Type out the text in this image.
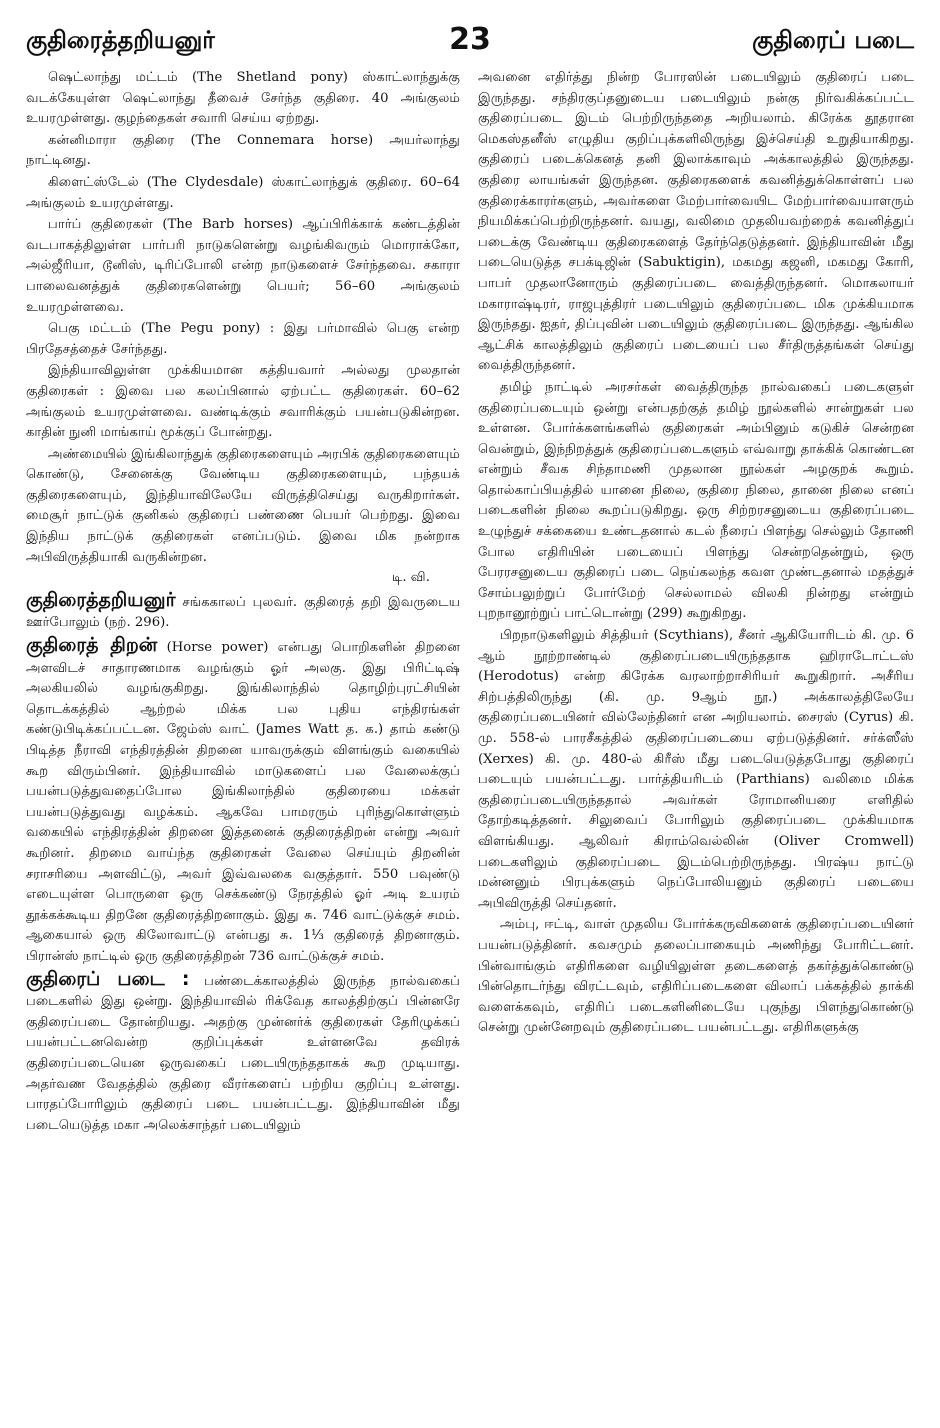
குதிரைத்தறியனுர்	23	குதிரைப் படை

ஷெட்லாந்து மட்டம் (The Shetland pony) ஸ்காட்லாந்துக்கு வடக்கேயுள்ள ஷெட்லாந்து தீவைச் சேர்ந்த குதிரை. 40 அங்குலம் உயரமுள்ளது. குழந்தைகள் சவாரி செய்ய ஏற்றது.

கன்னிமாரா குதிரை (The Connemara horse) அயர்லாந்து நாட்டினது.

கிளைட்ஸ்டேல் (The Clydesdale) ஸ்காட்லாந்துக் குதிரை. 60–64 அங்குலம் உயரமுள்ளது.

பார்ப் குதிரைகள் (The Barb horses) ஆப்பிரிக்காக் கண்டத்தின் வடபாகத்திலுள்ள பார்பரி நாடுகளென்று வழங்கிவரும் மொராக்கோ, அல்ஜீரியா, டூனிஸ், டிரிப்போலி என்ற நாடுகளைச் சேர்ந்தவை. சகாரா பாலைவனத்துக் குதிரைகளென்று பெயர்; 56–60 அங்குலம் உயரமுள்ளவை.

பெகு மட்டம் (The Pegu pony) : இது பர்மாவில் பெகு என்ற பிரதேசத்தைச் சேர்ந்தது.

இந்தியாவிலுள்ள முக்கியமான கத்தியவார் அல்லது முலதான் குதிரைகள் : இவை பல கலப்பினால் ஏற்பட்ட குதிரைகள். 60–62 அங்குலம் உயரமுள்ளவை. வண்டிக்கும் சவாரிக்கும் பயன்படுகின்றன. காதின் நுனி மாங்காய் மூக்குப் போன்றது.

அண்மையில் இங்கிலாந்துக் குதிரைகளையும் அரபிக் குதிரைகளையும் கொண்டு, சேனைக்கு வேண்டிய குதிரைகளையும், பந்தயக் குதிரைகளையும், இந்தியாவிலேயே விருத்திசெய்து வருகிறார்கள். மைசூர் நாட்டுக் குனிகல் குதிரைப் பண்ணை பெயர் பெற்றது. இவை இந்திய நாட்டுக் குதிரைகள் எனப்படும். இவை மிக நன்றாக அபிவிருத்தியாகி வருகின்றன.
டி. வி.

குதிரைத்தறியனுர் சங்ககாலப் புலவர். குதிரைத் தறி இவருடைய ஊர்போலும் (நற். 296).

குதிரைத் திறன் (Horse power) என்பது பொறிகளின் திறனை அளவிடச் சாதாரணமாக வழங்கும் ஓர் அலகு. இது பிரிட்டிஷ் அலகியலில் வழங்குகிறது. இங்கிலாந்தில் தொழிற்புரட்சியின் தொடக்கத்தில் ஆற்றல் மிக்க பல புதிய எந்திரங்கள் கண்டுபிடிக்கப்பட்டன. ஜேம்ஸ் வாட் (James Watt த. க.) தாம் கண்டு பிடித்த நீராவி எந்திரத்தின் திறனை யாவருக்கும் விளங்கும் வகையில் கூற விரும்பினர். இந்தியாவில் மாடுகளைப் பல வேலைக்குப் பயன்படுத்துவதைப்போல இங்கிலாந்தில் குதிரையை மக்கள் பயன்படுத்துவது வழக்கம். ஆகவே பாமரரும் புரிந்துகொள்ளும் வகையில் எந்திரத்தின் திறனை இத்தனைக் குதிரைத்திறன் என்று அவர் கூறினர். திறமை வாய்ந்த குதிரைகள் வேலை செய்யும் திறனின் சராசரியை அளவிட்டு, அவர் இவ்வலகை வகுத்தார். 550 பவுண்டு எடையுள்ள பொருளை ஒரு செக்கண்டு நேரத்தில் ஓர் அடி உயரம் தூக்கக்கூடிய திறனே குதிரைத்திறனாகும். இது சு. 746 வாட்டுக்குச் சமம். ஆகையால் ஒரு கிலோவாட்டு என்பது சு. 1⅓ குதிரைத் திறனாகும். பிரான்ஸ் நாட்டில் ஒரு குதிரைத்திறன் 736 வாட்டுக்குச் சமம்.

குதிரைப் படை : பண்டைக்காலத்தில் இருந்த நால்வகைப் படைகளில் இது ஒன்று. இந்தியாவில் ரிக்வேத காலத்திற்குப் பின்னரே குதிரைப்படை தோன்றியது. அதற்கு முன்னர்க் குதிரைகள் தேரிழுக்கப் பயன்பட்டனவென்ற குறிப்புக்கள் உள்ளனவே தவிரக் குதிரைப்படையென ஒருவகைப் படையிருந்ததாகக் கூற முடியாது. அதர்வண வேதத்தில் குதிரை வீரர்களைப் பற்றிய குறிப்பு உள்ளது. பாரதப்போரிலும் குதிரைப் படை பயன்பட்டது. இந்தியாவின் மீது படையெடுத்த மகா அலெக்சாந்தர் படையிலும்

அவனை எதிர்த்து நின்ற போரஸின் படையிலும் குதிரைப் படை இருந்தது. சந்திரகுப்தனுடைய படையிலும் நன்கு நிர்வகிக்கப்பட்ட குதிரைப்படை இடம் பெற்றிருந்ததை அறியலாம். கிரேக்க தூதரான மெகஸ்தனீஸ் எழுதிய குறிப்புக்களிலிருந்து இச்செய்தி உறுதியாகிறது. குதிரைப் படைக்கெனத் தனி இலாக்காவும் அக்காலத்தில் இருந்தது. குதிரை லாயங்கள் இருந்தன. குதிரைகளைக் கவனித்துக்கொள்ளப் பல குதிரைக்காரர்களும், அவர்களை மேற்பார்வையிட மேற்பார்வையாளரும் நியமிக்கப்பெற்றிருந்தனர். வயது, வலிமை முதலியவற்றைக் கவனித்துப் படைக்கு வேண்டிய குதிரைகளைத் தேர்ந்தெடுத்தனர். இந்தியாவின் மீது படையெடுத்த சபக்டிஜின் (Sabuktigin), மகமது கஜனி, மகமது கோரி, பாபர் முதலானோரும் குதிரைப்படை வைத்திருந்தனர். மொகலாயர் மகாராஷ்டிரர், ராஜபுத்திரர் படையிலும் குதிரைப்படை மிக முக்கியமாக இருந்தது. ஐதர், திப்புவின் படையிலும் குதிரைப்படை இருந்தது. ஆங்கில ஆட்சிக் காலத்திலும் குதிரைப் படையைப் பல சீர்திருத்தங்கள் செய்து வைத்திருந்தனர்.

தமிழ் நாட்டில் அரசர்கள் வைத்திருந்த நால்வகைப் படைகளுள் குதிரைப்படையும் ஒன்று என்பதற்குத் தமிழ் நூல்களில் சான்றுகள் பல உள்ளன. போர்க்களங்களில் குதிரைகள் அம்பினும் கடுகிச் சென்றன வென்றும், இந்நிறத்துக் குதிரைப்படைகளும் எவ்வாறு தாக்கிக் கொண்டன என்றும் சீவக சிந்தாமணி முதலான நூல்கள் அழகுறக் கூறும். தொல்காப்பியத்தில் யானை நிலை, குதிரை நிலை, தானை நிலை எனப் படைகளின் நிலை கூறப்படுகிறது. ஒரு சிற்றரசனுடைய குதிரைப்படை உழுந்துச் சக்கையை உண்டதனால் கடல் நீரைப் பிளந்து செல்லும் தோணி போல எதிரியின் படையைப் பிளந்து சென்றதென்றும், ஒரு பேரரசனுடைய குதிரைப் படை நெய்கலந்த கவள முண்டதனால் மதத்துச் சோம்பலுற்றுப் போர்மேற் செல்லாமல் விலகி நின்றது என்றும் புறநானூற்றுப் பாட்டொன்று (299) கூறுகிறது.

பிறநாடுகளிலும் சித்தியர் (Scythians), சீனர் ஆகியோரிடம் கி. மு. 6 ஆம் நூற்றாண்டில் குதிரைப்படையிருந்ததாக ஹிராடோட்டஸ் (Herodotus) என்ற கிரேக்க வரலாற்றாசிரியர் கூறுகிறார். அசீரிய சிற்பத்திலிருந்து (கி. மு. 9ஆம் நூ.) அக்காலத்திலேயே குதிரைப்படையினர் வில்லேந்தினர் என அறியலாம். சைரஸ் (Cyrus) கி. மு. 558-ல் பாரசீகத்தில் குதிரைப்படையை ஏற்படுத்தினர். சர்க்ஸீஸ் (Xerxes) கி. மு. 480-ல் கிரீஸ் மீது படையெடுத்தபோது குதிரைப் படையும் பயன்பட்டது. பார்த்தியரிடம் (Parthians) வலிமை மிக்க குதிரைப்படையிருந்ததால் அவர்கள் ரோமானியரை எளிதில் தோற்கடித்தனர். சிலுவைப் போரிலும் குதிரைப்படை முக்கியமாக விளங்கியது. ஆலிவர் கிராம்வெல்லின் (Oliver Cromwell) படைகளிலும் குதிரைப்படை இடம்பெற்றிருந்தது. பிரஷ்ய நாட்டு மன்னனும் பிரபுக்களும் நெப்போலியனும் குதிரைப் படையை அபிவிருத்தி செய்தனர்.

அம்பு, ஈட்டி, வாள் முதலிய போர்க்கருவிகளைக் குதிரைப்படையினர் பயன்படுத்தினர். கவசமும் தலைப்பாகையும் அணிந்து போரிட்டனர். பின்வாங்கும் எதிரிகளை வழியிலுள்ள தடைகளைத் தகர்த்துக்கொண்டு பின்தொடர்ந்து விரட்டவும், எதிரிப்படைகளை விலாப் பக்கத்தில் தாக்கி வளைக்கவும், எதிரிப் படைகளினிடையே புகுந்து பிளந்துகொண்டு சென்று முன்னேறவும் குதிரைப்படை பயன்பட்டது. எதிரிகளுக்கு
